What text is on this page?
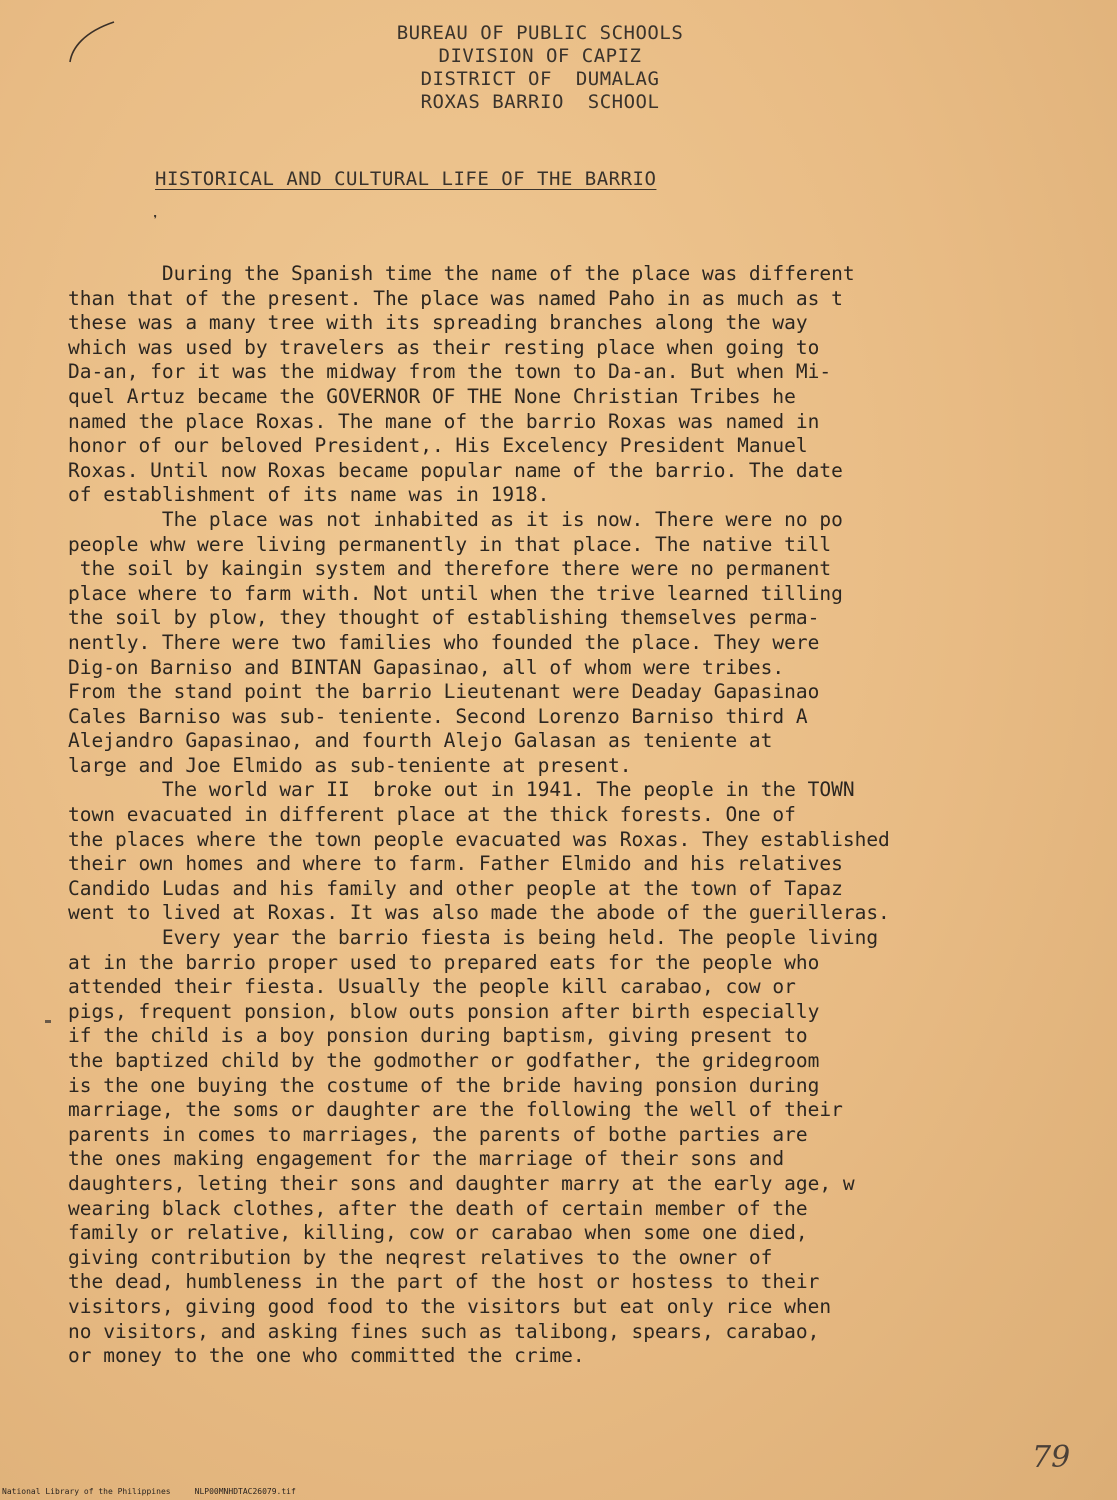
BUREAU OF PUBLIC SCHOOLS
DIVISION OF CAPIZ
DISTRICT OF  DUMALAG
ROXAS BARRIO  SCHOOL
HISTORICAL AND CULTURAL LIFE OF THE BARRIO
❜
During the Spanish time the name of the place was different
than that of the present. The place was named Paho in as much as t
these was a many tree with its spreading branches along the way
which was used by travelers as their resting place when going to
Da-an, for it was the midway from the town to Da-an. But when Mi-
quel Artuz became the GOVERNOR OF THE None Christian Tribes he
named the place Roxas. The mane of the barrio Roxas was named in
honor of our beloved President,. His Excelency President Manuel
Roxas. Until now Roxas became popular name of the barrio. The date
of establishment of its name was in 1918.
The place was not inhabited as it is now. There were no po
people whw were living permanently in that place. The native till
the soil by kaingin system and therefore there were no permanent
place where to farm with. Not until when the trive learned tilling
the soil by plow, they thought of establishing themselves perma-
nently. There were two families who founded the place. They were
Dig-on Barniso and BINTAN Gapasinao, all of whom were tribes.
From the stand point the barrio Lieutenant were Deaday Gapasinao
Cales Barniso was sub- teniente. Second Lorenzo Barniso third A
Alejandro Gapasinao, and fourth Alejo Galasan as teniente at
large and Joe Elmido as sub-teniente at present.
The world war II  broke out in 1941. The people in the TOWN
town evacuated in different place at the thick forests. One of
the places where the town people evacuated was Roxas. They established
their own homes and where to farm. Father Elmido and his relatives
Candido Ludas and his family and other people at the town of Tapaz
went to lived at Roxas. It was also made the abode of the guerilleras.
Every year the barrio fiesta is being held. The people living
at in the barrio proper used to prepared eats for the people who
attended their fiesta. Usually the people kill carabao, cow or
pigs, frequent ponsion, blow outs ponsion after birth especially
if the child is a boy ponsion during baptism, giving present to
the baptized child by the godmother or godfather, the gridegroom
is the one buying the costume of the bride having ponsion during
marriage, the soms or daughter are the following the well of their
parents in comes to marriages, the parents of bothe parties are
the ones making engagement for the marriage of their sons and
daughters, leting their sons and daughter marry at the early age, w
wearing black clothes, after the death of certain member of the
family or relative, killing, cow or carabao when some one died,
giving contribution by the neqrest relatives to the owner of
the dead, humbleness in the part of the host or hostess to their
visitors, giving good food to the visitors but eat only rice when
no visitors, and asking fines such as talibong, spears, carabao,
or money to the one who committed the crime.
79
National Library of the Philippines     NLP00MNHDTAC26079.tif
